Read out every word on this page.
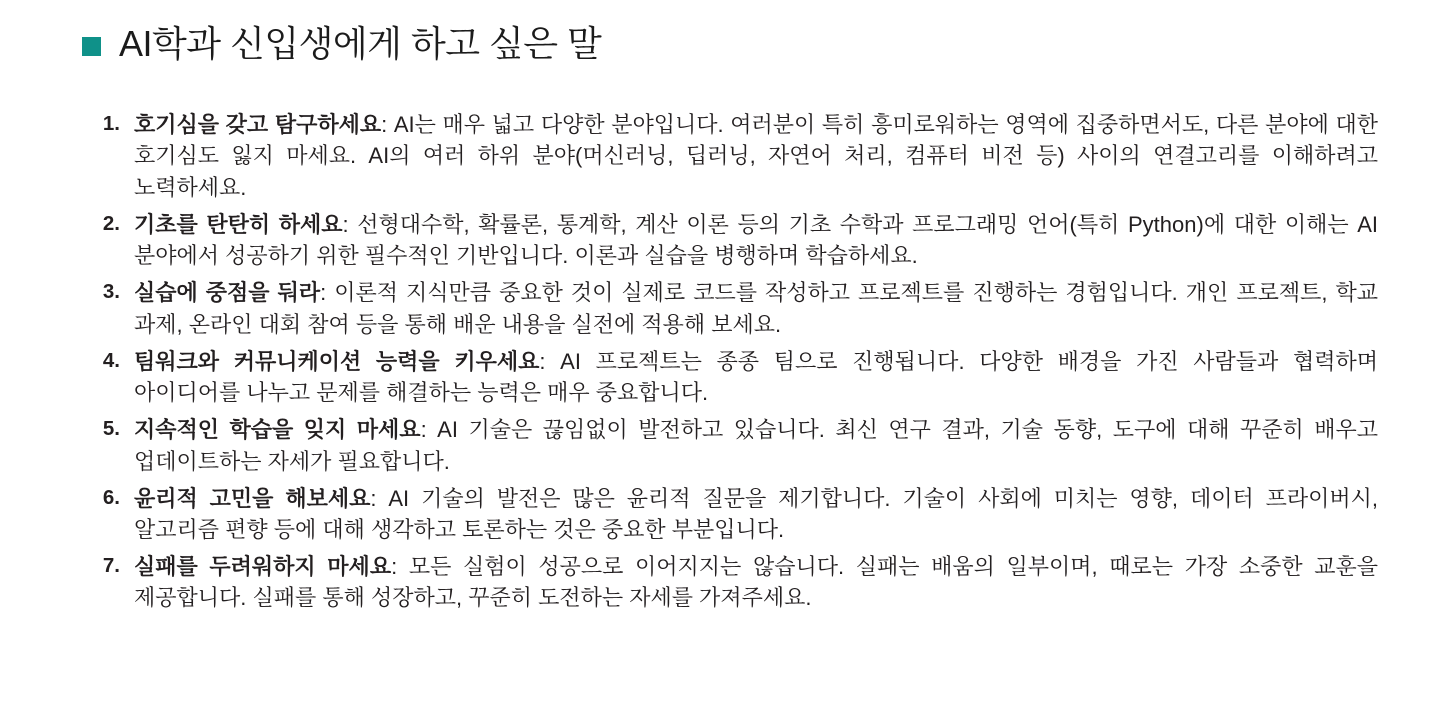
AI학과 신입생에게 하고 싶은 말
1. 호기심을 갖고 탐구하세요: AI는 매우 넓고 다양한 분야입니다. 여러분이 특히 흥미로워하는 영역에 집중하면서도, 다른 분야에 대한 호기심도 잃지 마세요. AI의 여러 하위 분야(머신러닝, 딥러닝, 자연어 처리, 컴퓨터 비전 등) 사이의 연결고리를 이해하려고 노력하세요.
2. 기초를 탄탄히 하세요: 선형대수학, 확률론, 통계학, 계산 이론 등의 기초 수학과 프로그래밍 언어(특히 Python)에 대한 이해는 AI 분야에서 성공하기 위한 필수적인 기반입니다. 이론과 실습을 병행하며 학습하세요.
3. 실습에 중점을 둬라: 이론적 지식만큼 중요한 것이 실제로 코드를 작성하고 프로젝트를 진행하는 경험입니다. 개인 프로젝트, 학교 과제, 온라인 대회 참여 등을 통해 배운 내용을 실전에 적용해 보세요.
4. 팀워크와 커뮤니케이션 능력을 키우세요: AI 프로젝트는 종종 팀으로 진행됩니다. 다양한 배경을 가진 사람들과 협력하며 아이디어를 나누고 문제를 해결하는 능력은 매우 중요합니다.
5. 지속적인 학습을 잊지 마세요: AI 기술은 끊임없이 발전하고 있습니다. 최신 연구 결과, 기술 동향, 도구에 대해 꾸준히 배우고 업데이트하는 자세가 필요합니다.
6. 윤리적 고민을 해보세요: AI 기술의 발전은 많은 윤리적 질문을 제기합니다. 기술이 사회에 미치는 영향, 데이터 프라이버시, 알고리즘 편향 등에 대해 생각하고 토론하는 것은 중요한 부분입니다.
7. 실패를 두려워하지 마세요: 모든 실험이 성공으로 이어지지는 않습니다. 실패는 배움의 일부이며, 때로는 가장 소중한 교훈을 제공합니다. 실패를 통해 성장하고, 꾸준히 도전하는 자세를 가져주세요.
